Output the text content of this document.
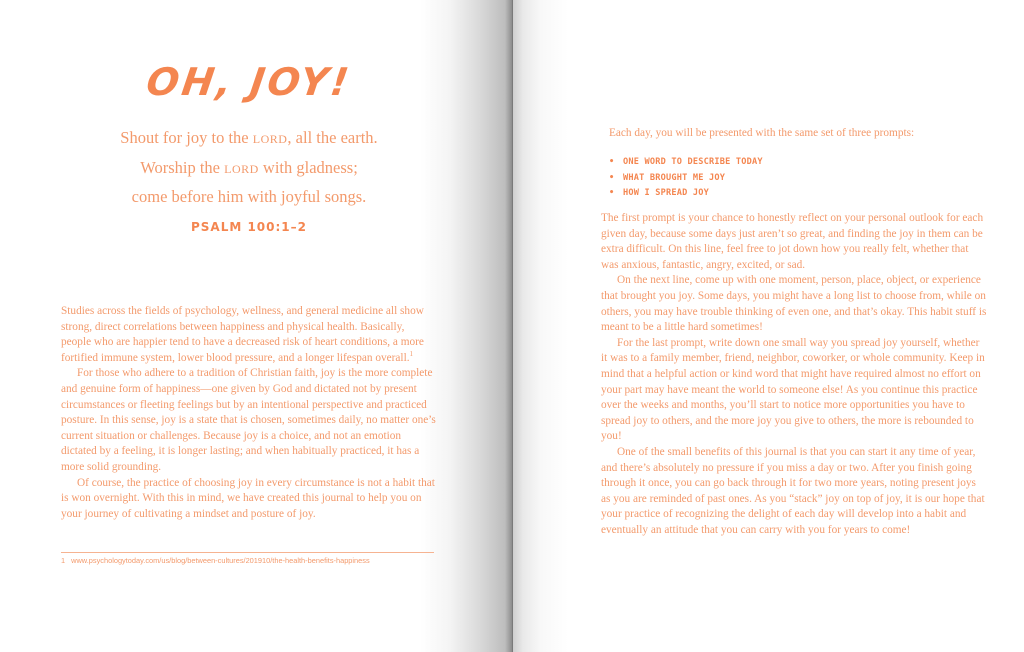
OH, JOY!
Shout for joy to the LORD, all the earth.
Worship the LORD with gladness;
come before him with joyful songs.
PSALM 100:1–2

Studies across the fields of psychology, wellness, and general medicine all show strong, direct correlations between happiness and physical health. Basically, people who are happier tend to have a decreased risk of heart conditions, a more fortified immune system, lower blood pressure, and a longer lifespan overall.$^1$

For those who adhere to a tradition of Christian faith, joy is the more complete and genuine form of happiness—one given by God and dictated not by present circumstances or fleeting feelings but by an intentional perspective and practiced posture. In this sense, joy is a state that is chosen, sometimes daily, no matter one’s current situation or challenges. Because joy is a choice, and not an emotion dictated by a feeling, it is longer lasting; and when habitually practiced, it has a more solid grounding.

Of course, the practice of choosing joy in every circumstance is not a habit that is won overnight. With this in mind, we have created this journal to help you on your journey of cultivating a mindset and posture of joy.

1 www.psychologytoday.com/us/blog/between-cultures/201910/the-health-benefits-happiness
Each day, you will be presented with the same set of three prompts:
• ONE WORD TO DESCRIBE TODAY
• WHAT BROUGHT ME JOY
• HOW I SPREAD JOY

The first prompt is your chance to honestly reflect on your personal outlook for each given day, because some days just aren’t so great, and finding the joy in them can be extra difficult. On this line, feel free to jot down how you really felt, whether that was anxious, fantastic, angry, excited, or sad.

On the next line, come up with one moment, person, place, object, or experience that brought you joy. Some days, you might have a long list to choose from, while on others, you may have trouble thinking of even one, and that’s okay. This habit stuff is meant to be a little hard sometimes!

For the last prompt, write down one small way you spread joy yourself, whether it was to a family member, friend, neighbor, coworker, or whole community. Keep in mind that a helpful action or kind word that might have required almost no effort on your part may have meant the world to someone else! As you continue this practice over the weeks and months, you’ll start to notice more opportunities you have to spread joy to others, and the more joy you give to others, the more is rebounded to you!

One of the small benefits of this journal is that you can start it any time of year, and there’s absolutely no pressure if you miss a day or two. After you finish going through it once, you can go back through it for two more years, noting present joys as you are reminded of past ones. As you “stack” joy on top of joy, it is our hope that your practice of recognizing the delight of each day will develop into a habit and eventually an attitude that you can carry with you for years to come!
